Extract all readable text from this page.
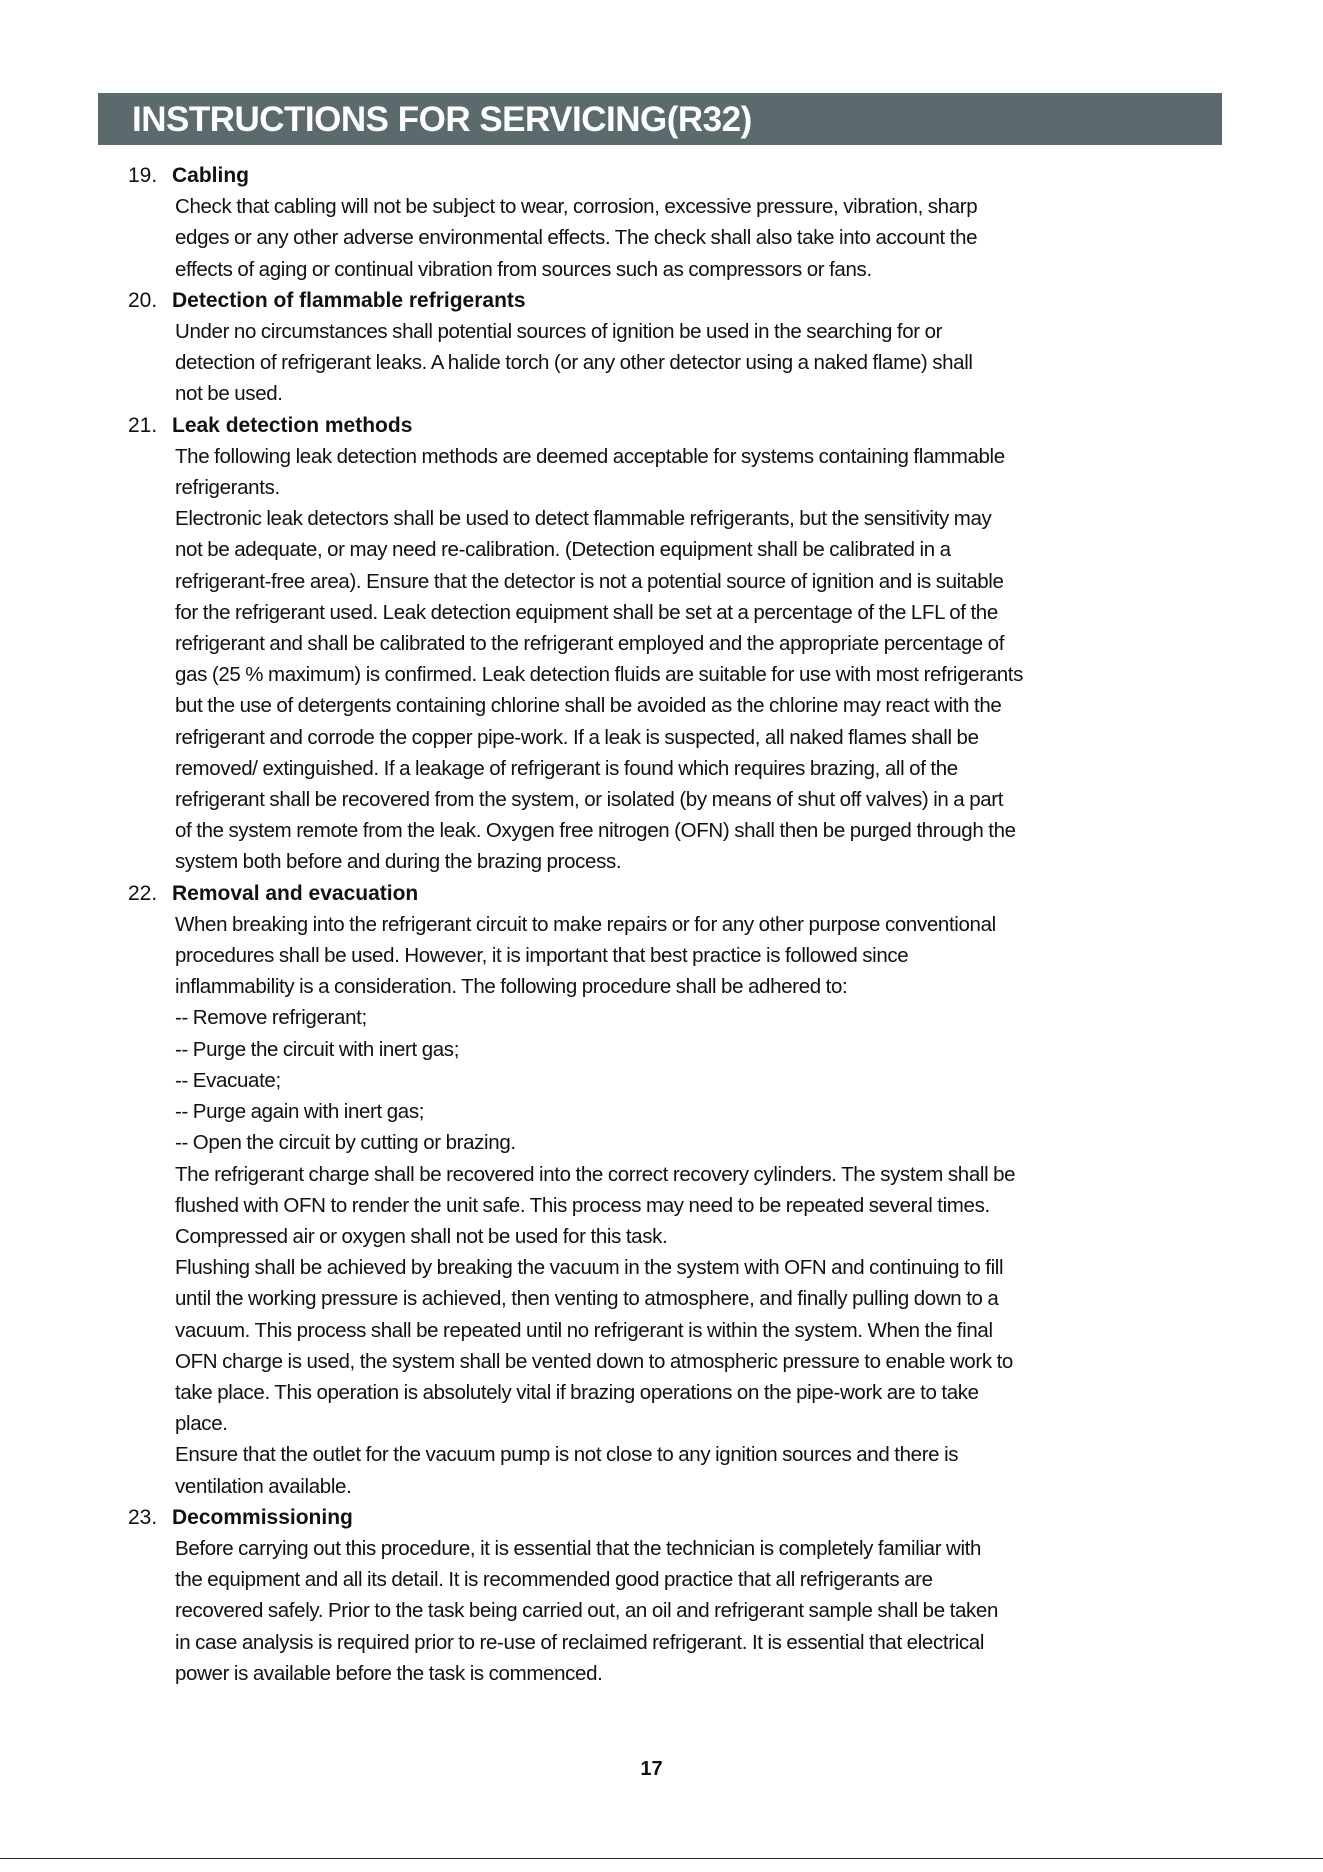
INSTRUCTIONS FOR SERVICING(R32)
19. Cabling
Check that cabling will not be subject to wear, corrosion, excessive pressure, vibration, sharp
edges or any other adverse environmental effects. The check shall also take into account the
effects of aging or continual vibration from sources such as compressors or fans.
20. Detection of flammable refrigerants
Under no circumstances shall potential sources of ignition be used in the searching for or
detection of refrigerant leaks. A halide torch (or any other detector using a naked flame) shall
not be used.
21. Leak detection methods
The following leak detection methods are deemed acceptable for systems containing flammable
refrigerants.
Electronic leak detectors shall be used to detect flammable refrigerants, but the sensitivity may
not be adequate, or may need re-calibration. (Detection equipment shall be calibrated in a
refrigerant-free area). Ensure that the detector is not a potential source of ignition and is suitable
for the refrigerant used. Leak detection equipment shall be set at a percentage of the LFL of the
refrigerant and shall be calibrated to the refrigerant employed and the appropriate percentage of
gas (25 % maximum) is confirmed. Leak detection fluids are suitable for use with most refrigerants
but the use of detergents containing chlorine shall be avoided as the chlorine may react with the
refrigerant and corrode the copper pipe-work. If a leak is suspected, all naked flames shall be
removed/ extinguished. If a leakage of refrigerant is found which requires brazing, all of the
refrigerant shall be recovered from the system, or isolated (by means of shut off valves) in a part
of the system remote from the leak. Oxygen free nitrogen (OFN) shall then be purged through the
system both before and during the brazing process.
22. Removal and evacuation
When breaking into the refrigerant circuit to make repairs or for any other purpose conventional
procedures shall be used. However, it is important that best practice is followed since
inflammability is a consideration. The following procedure shall be adhered to:
-- Remove refrigerant;
-- Purge the circuit with inert gas;
-- Evacuate;
-- Purge again with inert gas;
-- Open the circuit by cutting or brazing.
The refrigerant charge shall be recovered into the correct recovery cylinders. The system shall be
flushed with OFN to render the unit safe. This process may need to be repeated several times.
Compressed air or oxygen shall not be used for this task.
Flushing shall be achieved by breaking the vacuum in the system with OFN and continuing to fill
until the working pressure is achieved, then venting to atmosphere, and finally pulling down to a
vacuum. This process shall be repeated until no refrigerant is within the system. When the final
OFN charge is used, the system shall be vented down to atmospheric pressure to enable work to
take place. This operation is absolutely vital if brazing operations on the pipe-work are to take
place.
Ensure that the outlet for the vacuum pump is not close to any ignition sources and there is
ventilation available.
23. Decommissioning
Before carrying out this procedure, it is essential that the technician is completely familiar with
the equipment and all its detail. It is recommended good practice that all refrigerants are
recovered safely. Prior to the task being carried out, an oil and refrigerant sample shall be taken
in case analysis is required prior to re-use of reclaimed refrigerant. It is essential that electrical
power is available before the task is commenced.
17
